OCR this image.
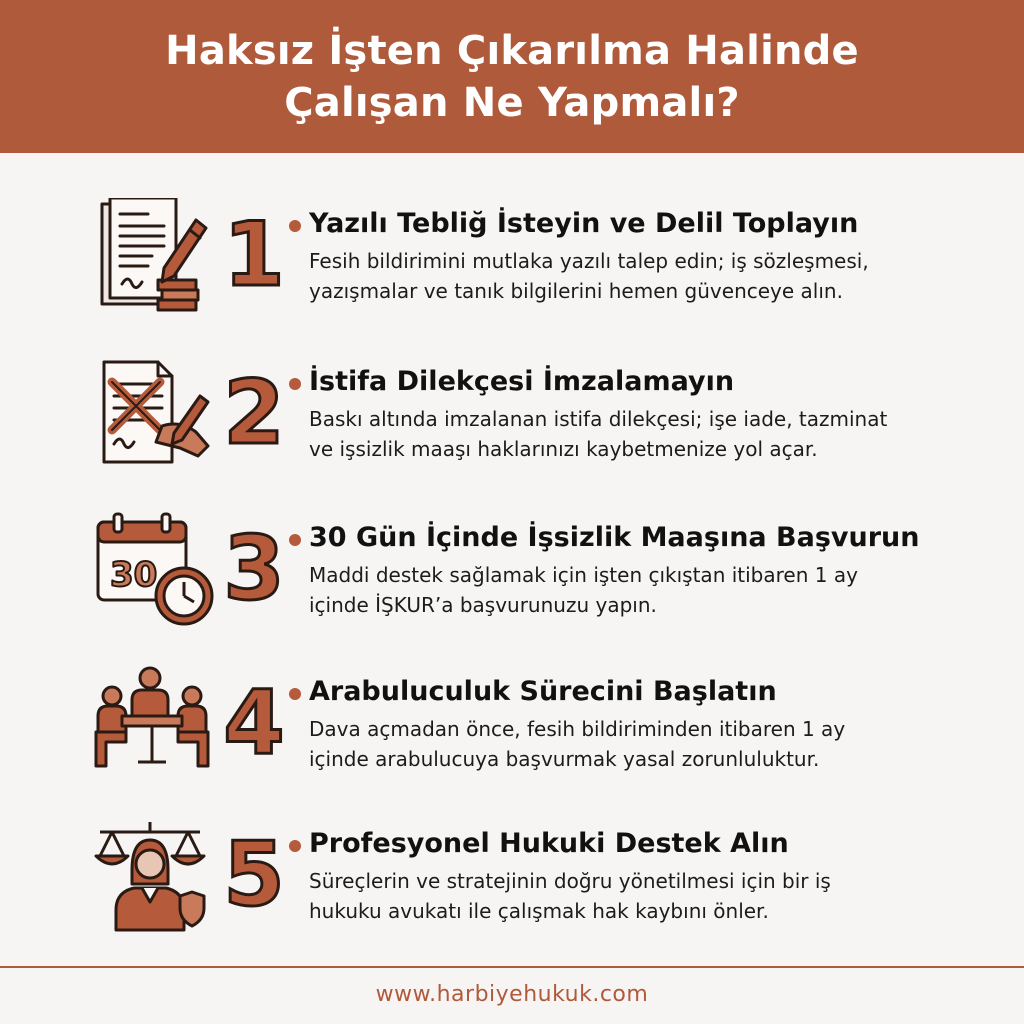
Haksız İşten Çıkarılma Halinde
Çalışan Ne Yapmalı?
1 Yazılı Tebliğ İsteyin ve Delil Toplayın
Fesih bildirimini mutlaka yazılı talep edin; iş sözleşmesi,
yazışmalar ve tanık bilgilerini hemen güvenceye alın.
2 İstifa Dilekçesi İmzalamayın
Baskı altında imzalanan istifa dilekçesi; işe iade, tazminat
ve işsizlik maaşı haklarınızı kaybetmenize yol açar.
30 3 30 Gün İçinde İşsizlik Maaşına Başvurun
Maddi destek sağlamak için işten çıkıştan itibaren 1 ay
içinde İŞKUR’a başvurunuzu yapın.
4 Arabuluculuk Sürecini Başlatın
Dava açmadan önce, fesih bildiriminden itibaren 1 ay
içinde arabulucuya başvurmak yasal zorunluluktur.
5 Profesyonel Hukuki Destek Alın
Süreçlerin ve stratejinin doğru yönetilmesi için bir iş
hukuku avukatı ile çalışmak hak kaybını önler.
www.harbiyehukuk.com
